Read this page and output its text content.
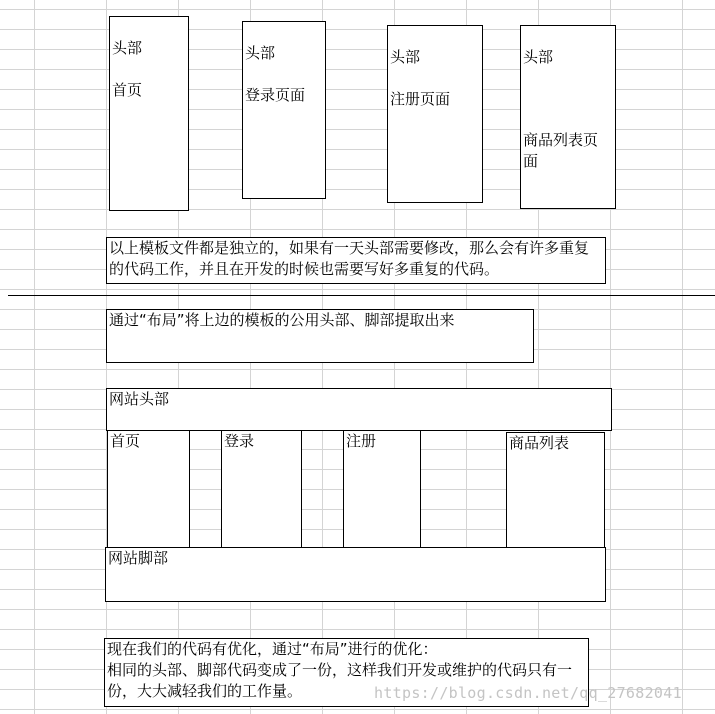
头部

首页

头部

登录页面

头部

注册页面

头部

商品列表页
面

以上模板文件都是独立的，如果有一天头部需要修改，那么会有许多重复的代码工作，并且在开发的时候也需要写好多重复的代码。
通过“布局”将上边的模板的公用头部、脚部提取出来
网站头部
首页	登录	注册	商品列表
网站脚部
现在我们的代码有优化，通过“布局”进行的优化：
相同的头部、脚部代码变成了一份，这样我们开发或维护的代码只有一份，大大减轻我们的工作量。	https://blog.csdn.net/qq_27682041
